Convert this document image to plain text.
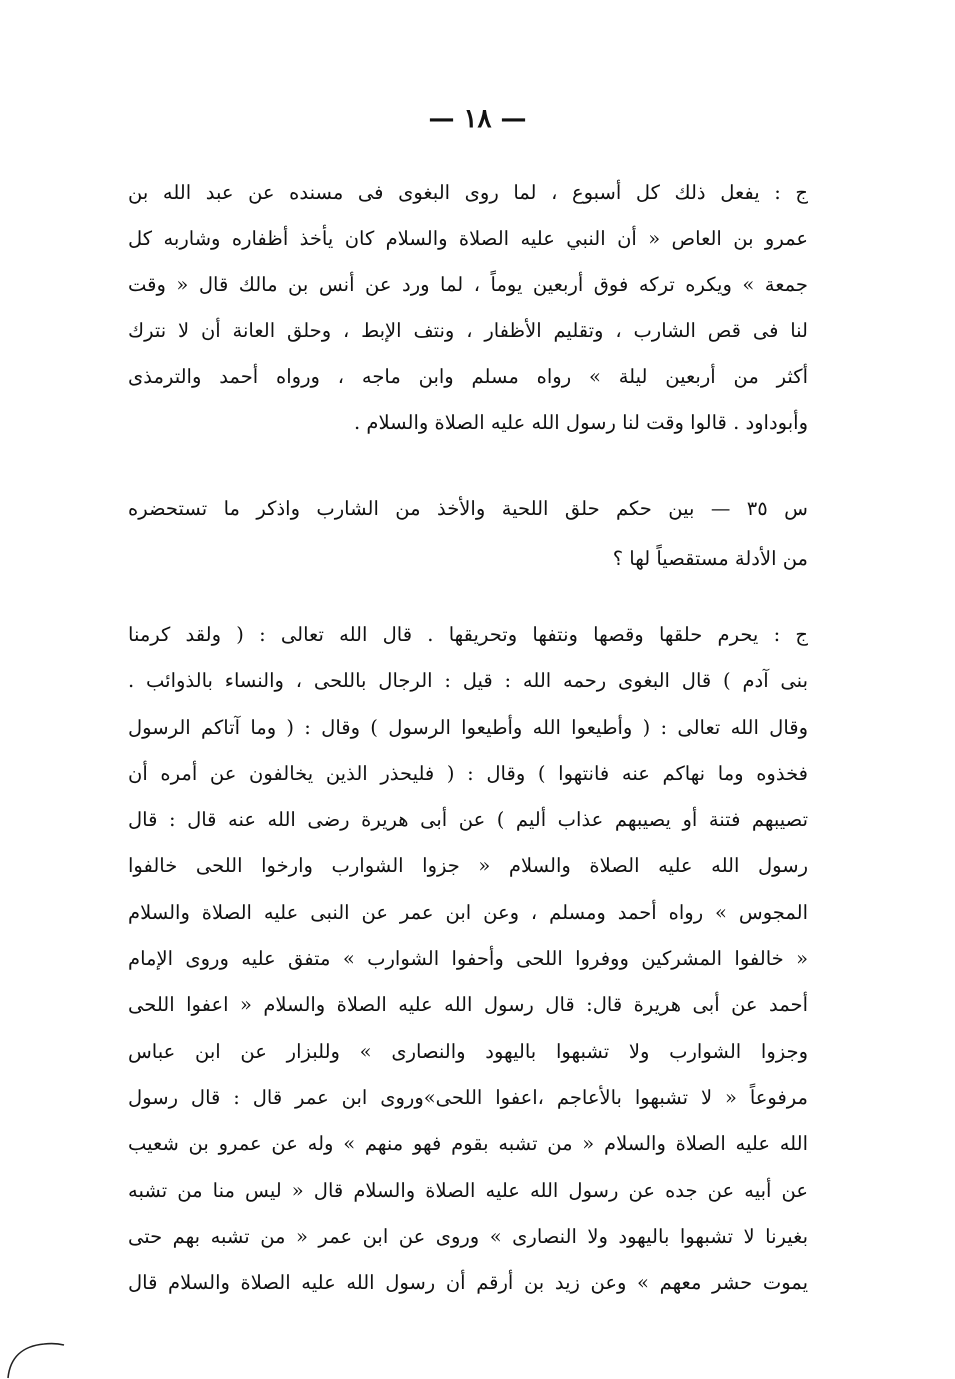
— ١٨ —
ج : يفعل ذلك كل أسبوع ، لما روى البغوى فى مسنده عن عبد الله بن
عمرو بن العاص « أن النبي عليه الصلاة والسلام كان يأخذ أظفاره وشاربه كل
جمعة » ويكره تركه فوق أربعين يوماً ، لما ورد عن أنس بن مالك قال « وقت
لنا فى قص الشارب ، وتقليم الأظفار ، ونتف الإبط ، وحلق العانة أن لا نترك
أكثر من أربعين ليلة » رواه مسلم وابن ماجه ، ورواه أحمد والترمذى
وأبوداود . قالوا وقت لنا رسول الله عليه الصلاة والسلام .
س ٣٥ — بين حكم حلق اللحية والأخذ من الشارب واذكر ما تستحضره
من الأدلة مستقصياً لها ؟
ج : يحرم حلقها وقصها ونتفها وتحريقها . قال الله تعالى : ( ولقد كرمنا
بنى آدم ) قال البغوى رحمه الله : قيل : الرجال باللحى ، والنساء بالذوائب .
وقال الله تعالى : ( وأطيعوا الله وأطيعوا الرسول ) وقال : ( وما آتاكم الرسول
فخذوه وما نهاكم عنه فانتهوا ) وقال : ( فليحذر الذين يخالفون عن أمره أن
تصيبهم فتنة أو يصيبهم عذاب أليم ) عن أبى هريرة رضى الله عنه قال : قال
رسول الله عليه الصلاة والسلام « جزوا الشوارب وارخوا اللحى خالفوا
المجوس » رواه أحمد ومسلم ، وعن ابن عمر عن النبى عليه الصلاة والسلام
« خالفوا المشركين ووفروا اللحى وأحفوا الشوارب » متفق عليه وروى الإمام
أحمد عن أبى هريرة قال: قال رسول الله عليه الصلاة والسلام « اعفوا اللحى
وجزوا الشوارب ولا تشبهوا باليهود والنصارى » وللبزار عن ابن عباس
مرفوعاً « لا تشبهوا بالأعاجم ،اعفوا اللحى»وروى ابن عمر قال : قال رسول
الله عليه الصلاة والسلام « من تشبه بقوم فهو منهم » وله عن عمرو بن شعيب
عن أبيه عن جده عن رسول الله عليه الصلاة والسلام قال « ليس منا من تشبه
بغيرنا لا تشبهوا باليهود ولا النصارى » وروى عن ابن عمر « من تشبه بهم حتى
يموت حشر معهم » وعن زيد بن أرقم أن رسول الله عليه الصلاة والسلام قال
